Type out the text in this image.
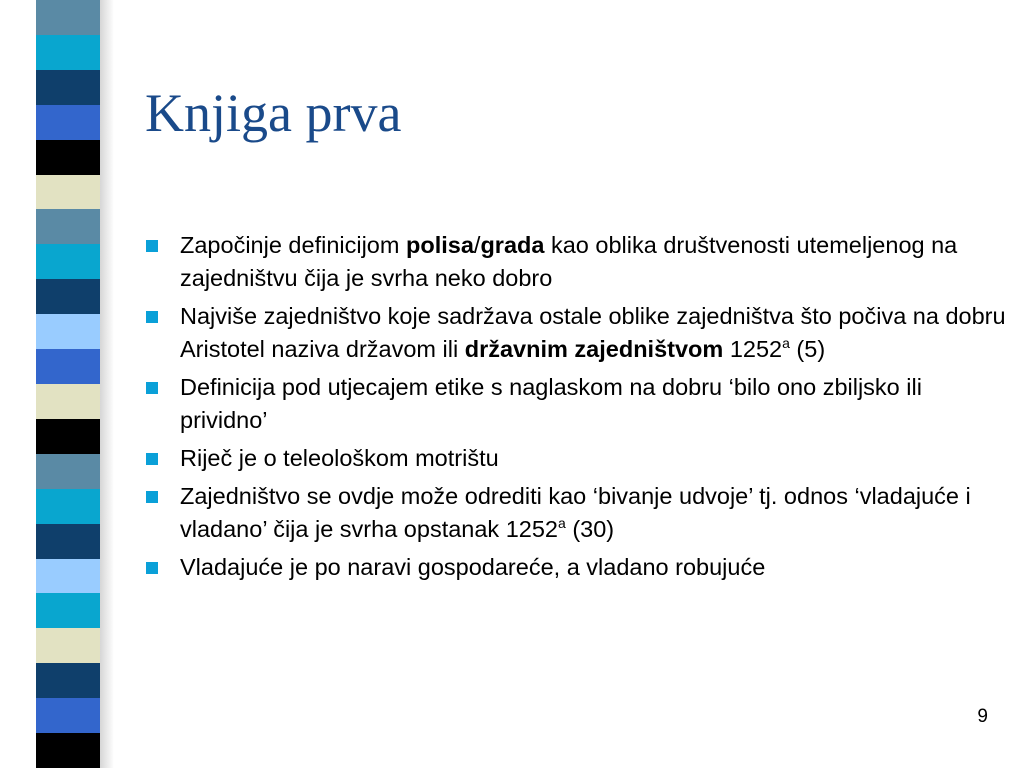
Knjiga prva
Započinje definicijom polisa/grada kao oblika društvenosti utemeljenog na zajedništvu čija je svrha neko dobro
Najviše zajedništvo koje sadržava ostale oblike zajedništva što počiva na dobru Aristotel naziva državom ili državnim zajedništvom 1252$^a$ (5)
Definicija pod utjecajem etike s naglaskom na dobru ‘bilo ono zbiljsko ili prividno’
Riječ je o teleološkom motrištu
Zajedništvo se ovdje može odrediti kao ‘bivanje udvoje’ tj. odnos ‘vladajuće i vladano’ čija je svrha opstanak 1252$^a$ (30)
Vladajuće je po naravi gospodareće, a vladano robujuće
9
